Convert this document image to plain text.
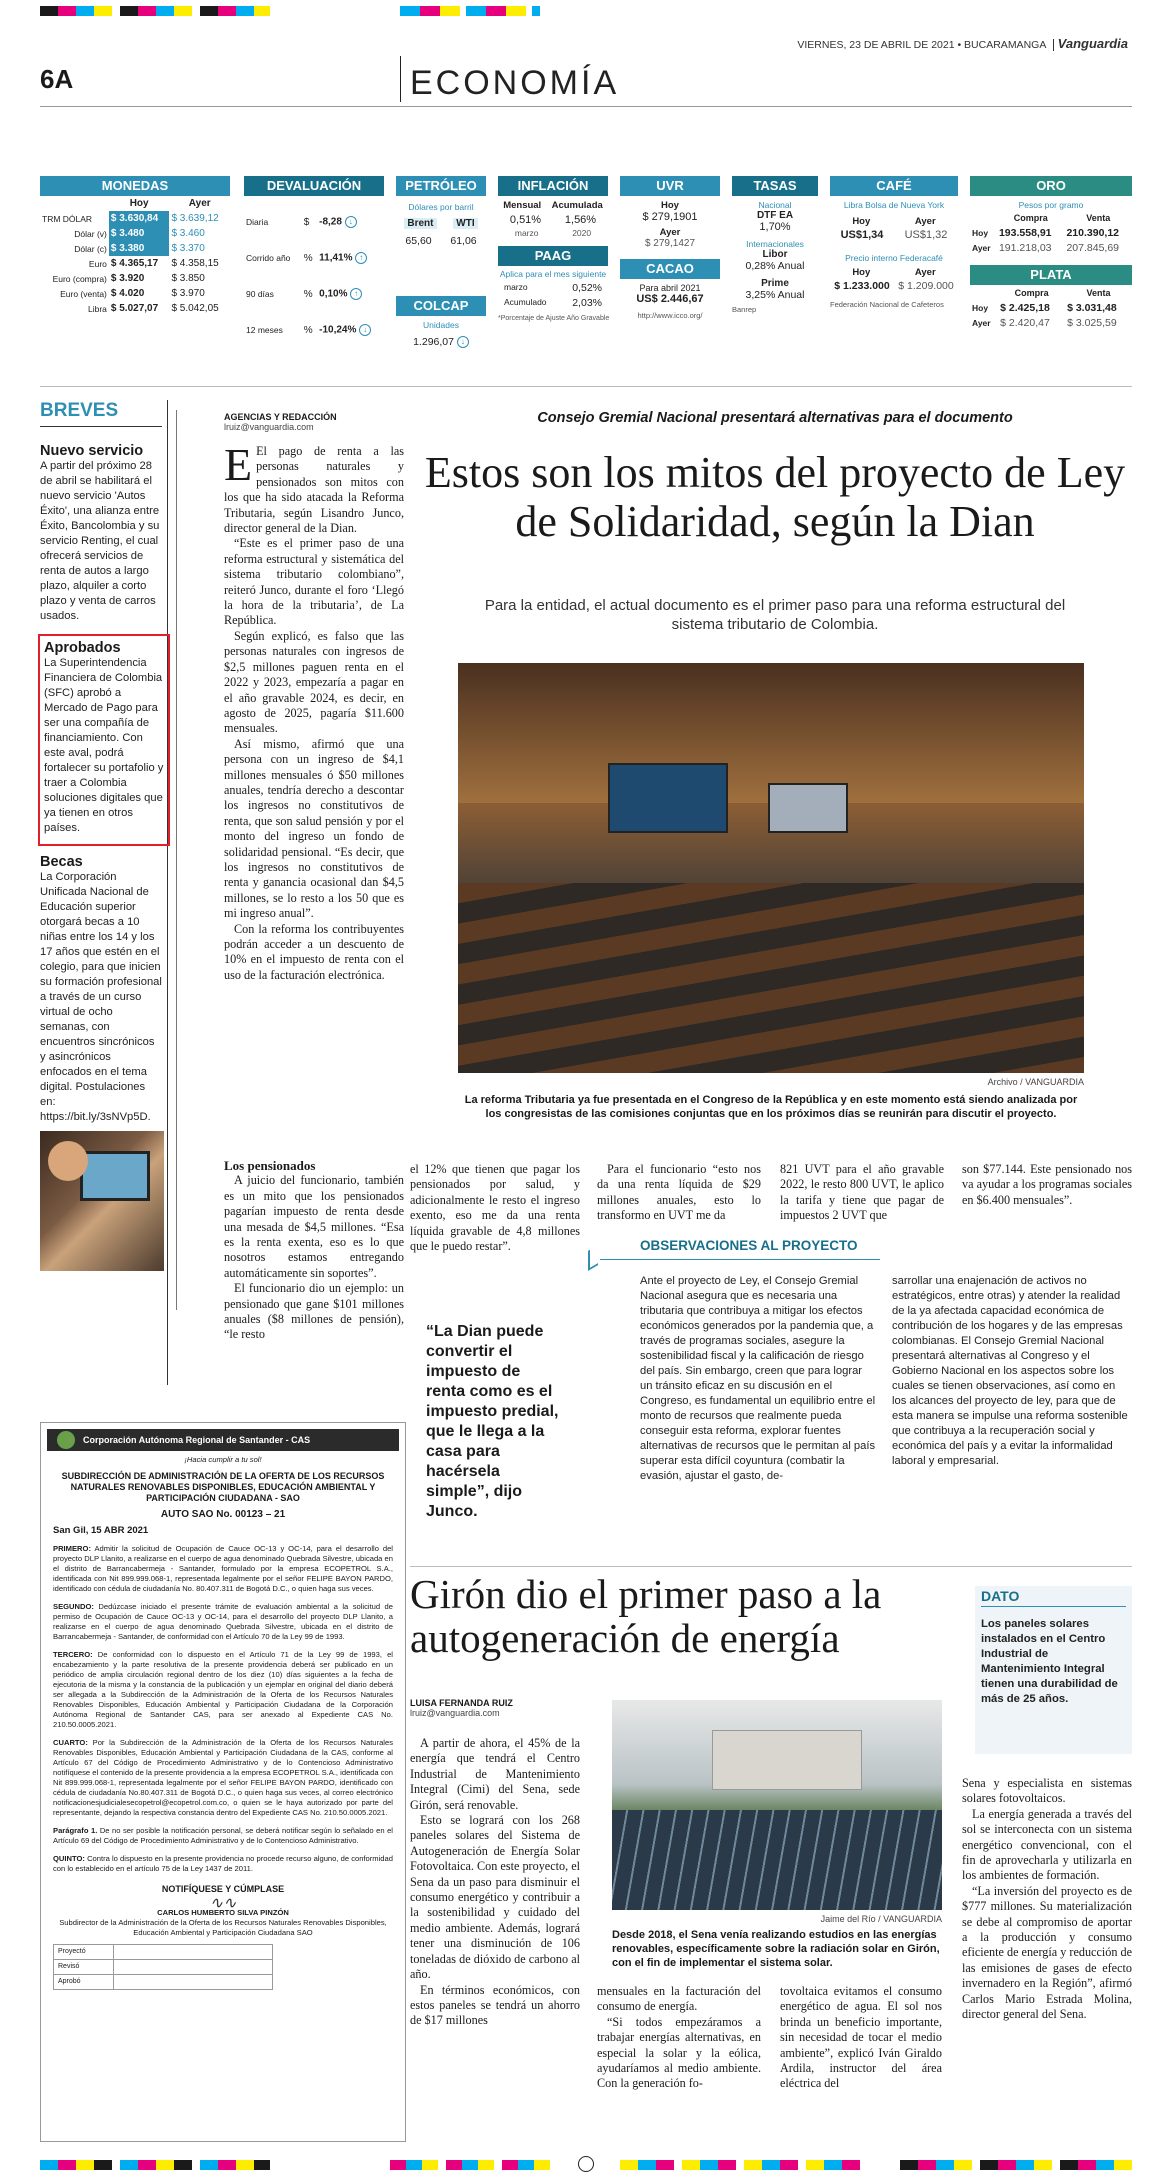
VIERNES, 23 DE ABRIL DE 2021 • BUCARAMANGA Vanguardia
6A	ECONOMÍA
MONEDAS
	Hoy	Ayer
TRM DÓLAR	$ 3.630,84	$ 3.639,12
Dólar (v)	$ 3.480	$ 3.460
Dólar (c)	$ 3.380	$ 3.370
Euro	$ 4.365,17	$ 4.358,15
Euro (compra)	$ 3.920	$ 3.850
Euro (venta)	$ 4.020	$ 3.970
Libra	$ 5.027,07	$ 5.042,05
DEVALUACIÓN
Diaria	$	-8,28 ↓
Corrido año	%	11,41% ↑
90 días	%	0,10% ↑
12 meses	%	-10,24% ↓
PETRÓLEO
Dólares por barril
Brent	WTI
65,60 61,06
COLCAP
Unidades
1.296,07 ↓
INFLACIÓN
Mensual Acumulada
0,51% 1,56%
marzo	2020
PAAG
Aplica para el mes siguiente
marzo	0,52%
Acumulado 2,03%
*Porcentaje de Ajuste Año Gravable
UVR
Hoy
$ 279,1901
Ayer
$ 279,1427
CACAO
Para abril 2021
US$ 2.446,67
http://www.icco.org/
TASAS
Nacional
DTF EA
1,70%
Internacionales
Libor
0,28% Anual
Prime
3,25% Anual
Banrep
CAFÉ
Libra Bolsa de Nueva York
Hoy	Ayer
US$1,34 US$1,32
Precio interno Federacafé
Hoy	Ayer
$ 1.233.000 $ 1.209.000
Federación Nacional de Cafeteros
ORO
Pesos por gramo
	Compra	Venta
Hoy	193.558,91	210.390,12
Ayer	191.218,03	207.845,69
PLATA
	Compra	Venta
Hoy	$ 2.425,18	$ 3.031,48
Ayer	$ 2.420,47	$ 3.025,59
BREVES
Nuevo servicio
A partir del próximo 28 de abril se habilitará el nuevo servicio 'Autos Éxito', una alianza entre Éxito, Bancolombia y su servicio Renting, el cual ofrecerá servicios de renta de autos a largo plazo, alquiler a corto plazo y venta de carros usados.
Aprobados
La Superintendencia Financiera de Colombia (SFC) aprobó a Mercado de Pago para ser una compañía de financiamiento. Con este aval, podrá fortalecer su portafolio y traer a Colombia soluciones digitales que ya tienen en otros países.
Becas
La Corporación Unificada Nacional de Educación superior otorgará becas a 10 niñas entre los 14 y los 17 años que estén en el colegio, para que inicien su formación profesional a través de un curso virtual de ocho semanas, con encuentros sincrónicos y asincrónicos enfocados en el tema digital. Postulaciones en: https://bit.ly/3sNVp5D.
AGENCIAS Y REDACCIÓN
lruiz@vanguardia.com

E El pago de renta a las personas naturales y pensionados son mitos con los que ha sido atacada la Reforma Tributaria, según Lisandro Junco, director general de la Dian.

“Este es el primer paso de una reforma estructural y sistemática del sistema tributario colombiano”, reiteró Junco, durante el foro ‘Llegó la hora de la tributaria’, de La República.

Según explicó, es falso que las personas naturales con ingresos de $2,5 millones paguen renta en el 2022 y 2023, empezaría a pagar en el año gravable 2024, es decir, en agosto de 2025, pagaría $11.600 mensuales.

Así mismo, afirmó que una persona con un ingreso de $4,1 millones mensuales ó $50 millones anuales, tendría derecho a descontar los ingresos no constitutivos de renta, que son salud pensión y por el monto del ingreso un fondo de solidaridad pensional. “Es decir, que los ingresos no constitutivos de renta y ganancia ocasional dan $4,5 millones, se lo resto a los 50 que es mi ingreso anual”.

Con la reforma los contribuyentes podrán acceder a un descuento de 10% en el impuesto de renta con el uso de la facturación electrónica.

Los pensionados

A juicio del funcionario, también es un mito que los pensionados pagarían impuesto de renta desde una mesada de $4,5 millones. “Esa es la renta exenta, eso es lo que nosotros estamos entregando automáticamente sin soportes”.

El funcionario dio un ejemplo: un pensionado que gane $101 millones anuales ($8 millones de pensión), “le resto

Consejo Gremial Nacional presentará alternativas para el documento
Estos son los mitos del proyecto de Ley de Solidaridad, según la Dian
Para la entidad, el actual documento es el primer paso para una reforma estructural del sistema tributario de Colombia.
Archivo / VANGUARDIA
La reforma Tributaria ya fue presentada en el Congreso de la República y en este momento está siendo analizada por los congresistas de las comisiones conjuntas que en los próximos días se reunirán para discutir el proyecto.
el 12% que tienen que pagar los pensionados por salud, y adicionalmente le resto el ingreso exento, eso me da una renta líquida gravable de 4,8 millones que le puedo restar”.
Para el funcionario “esto nos da una renta líquida de $29 millones anuales, esto lo transformo en UVT me da
821 UVT para el año gravable 2022, le resto 800 UVT, le aplico la tarifa y tiene que pagar de impuestos 2 UVT que
son $77.144. Este pensionado nos va ayudar a los programas sociales en $6.400 mensuales”.
“La Dian puede convertir el impuesto de renta como es el impuesto predial, que le llega a la casa para hacérsela simple”, dijo Junco.
OBSERVACIONES AL PROYECTO
Ante el proyecto de Ley, el Consejo Gremial Nacional asegura que es necesaria una tributaria que contribuya a mitigar los efectos económicos generados por la pandemia que, a través de programas sociales, asegure la sostenibilidad fiscal y la calificación de riesgo del país. Sin embargo, creen que para lograr un tránsito eficaz en su discusión en el Congreso, es fundamental un equilibrio entre el monto de recursos que realmente pueda conseguir esta reforma, explorar fuentes alternativas de recursos que le permitan al país superar esta difícil coyuntura (combatir la evasión, ajustar el gasto, de-
sarrollar una enajenación de activos no estratégicos, entre otras) y atender la realidad de la ya afectada capacidad económica de contribución de los hogares y de las empresas colombianas. El Consejo Gremial Nacional presentará alternativas al Congreso y el Gobierno Nacional en los aspectos sobre los cuales se tienen observaciones, así como en los alcances del proyecto de ley, para que de esta manera se impulse una reforma sostenible que contribuya a la recuperación social y económica del país y a evitar la informalidad laboral y empresarial.
Corporación Autónoma Regional de Santander - CAS
¡Hacia cumplir a tu sol!
SUBDIRECCIÓN DE ADMINISTRACIÓN DE LA OFERTA DE LOS RECURSOS NATURALES RENOVABLES DISPONIBLES, EDUCACIÓN AMBIENTAL Y PARTICIPACIÓN CIUDADANA - SAO
AUTO SAO No. 00123 – 21
San Gil, 15 ABR 2021

PRIMERO: Admitir la solicitud de Ocupación de Cauce OC-13 y OC-14, para el desarrollo del proyecto DLP Llanito, a realizarse en el cuerpo de agua denominado Quebrada Silvestre, ubicada en el distrito de Barrancabermeja - Santander, formulado por la empresa ECOPETROL S.A., identificada con Nit 899.999.068-1, representada legalmente por el señor FELIPE BAYON PARDO, identificado con cédula de ciudadanía No. 80.407.311 de Bogotá D.C., o quien haga sus veces.

SEGUNDO: Dedúzcase iniciado el presente trámite de evaluación ambiental a la solicitud de permiso de Ocupación de Cauce OC-13 y OC-14, para el desarrollo del proyecto DLP Llanito, a realizarse en el cuerpo de agua denominado Quebrada Silvestre, ubicada en el distrito de Barrancabermeja - Santander, de conformidad con el Artículo 70 de la Ley 99 de 1993.

TERCERO: De conformidad con lo dispuesto en el Artículo 71 de la Ley 99 de 1993, el encabezamiento y la parte resolutiva de la presente providencia deberá ser publicado en un periódico de amplia circulación regional dentro de los diez (10) días siguientes a la fecha de ejecutoria de la misma y la constancia de la publicación y un ejemplar en original del diario deberá ser allegada a la Subdirección de la Administración de la Oferta de los Recursos Naturales Renovables Disponibles, Educación Ambiental y Participación Ciudadana de la Corporación Autónoma Regional de Santander CAS, para ser anexado al Expediente CAS No. 210.50.0005.2021.

CUARTO: Por la Subdirección de la Administración de la Oferta de los Recursos Naturales Renovables Disponibles, Educación Ambiental y Participación Ciudadana de la CAS, conforme al Artículo 67 del Código de Procedimiento Administrativo y de lo Contencioso Administrativo notifíquese el contenido de la presente providencia a la empresa ECOPETROL S.A., identificada con Nit 899.999.068-1, representada legalmente por el señor FELIPE BAYON PARDO, identificado con cédula de ciudadanía No.80.407.311 de Bogotá D.C., o quien haga sus veces, al correo electrónico notificacionesjudicialesecopetrol@ecopetrol.com.co, o quien se le haya autorizado por parte del representante, dejando la respectiva constancia dentro del Expediente CAS No. 210.50.0005.2021.

Parágrafo 1. De no ser posible la notificación personal, se deberá notificar según lo señalado en el Artículo 69 del Código de Procedimiento Administrativo y de lo Contencioso Administrativo.

QUINTO: Contra lo dispuesto en la presente providencia no procede recurso alguno, de conformidad con lo establecido en el artículo 75 de la Ley 1437 de 2011.

NOTIFÍQUESE Y CÚMPLASE
∿∿
CARLOS HUMBERTO SILVA PINZÓN
Subdirector de la Administración de la Oferta de los Recursos Naturales Renovables Disponibles, Educación Ambiental y Participación Ciudadana SAO
Proyectó	
Revisó	
Aprobó	
Girón dio el primer paso a la autogeneración de energía
LUISA FERNANDA RUIZ
lruiz@vanguardia.com

A partir de ahora, el 45% de la energía que tendrá el Centro Industrial de Mantenimiento Integral (Cimi) del Sena, sede Girón, será renovable.

Esto se logrará con los 268 paneles solares del Sistema de Autogeneración de Energía Solar Fotovoltaica. Con este proyecto, el Sena da un paso para disminuir el consumo energético y contribuir a la sostenibilidad y cuidado del medio ambiente. Además, logrará tener una disminución de 106 toneladas de dióxido de carbono al año.

En términos económicos, con estos paneles se tendrá un ahorro de $17 millones

Jaime del Río / VANGUARDIA
Desde 2018, el Sena venía realizando estudios en las energías renovables, específicamente sobre la radiación solar en Girón, con el fin de implementar el sistema solar.

mensuales en la facturación del consumo de energía.

“Si todos empezáramos a trabajar energías alternativas, en especial la solar y la eólica, ayudaríamos al medio ambiente. Con la generación fo-

tovoltaica evitamos el consumo energético de agua. El sol nos brinda un beneficio importante, sin necesidad de tocar el medio ambiente”, explicó Iván Giraldo Ardila, instructor del área eléctrica del

Sena y especialista en sistemas solares fotovoltaicos.

La energía generada a través del sol se interconecta con un sistema energético convencional, con el fin de aprovecharla y utilizarla en los ambientes de formación.

“La inversión del proyecto es de $777 millones. Su materialización se debe al compromiso de aportar a la producción y consumo eficiente de energía y reducción de las emisiones de gases de efecto invernadero en la Región”, afirmó Carlos Mario Estrada Molina, director general del Sena.

DATO
Los paneles solares instalados en el Centro Industrial de Mantenimiento Integral tienen una durabilidad de más de 25 años.
